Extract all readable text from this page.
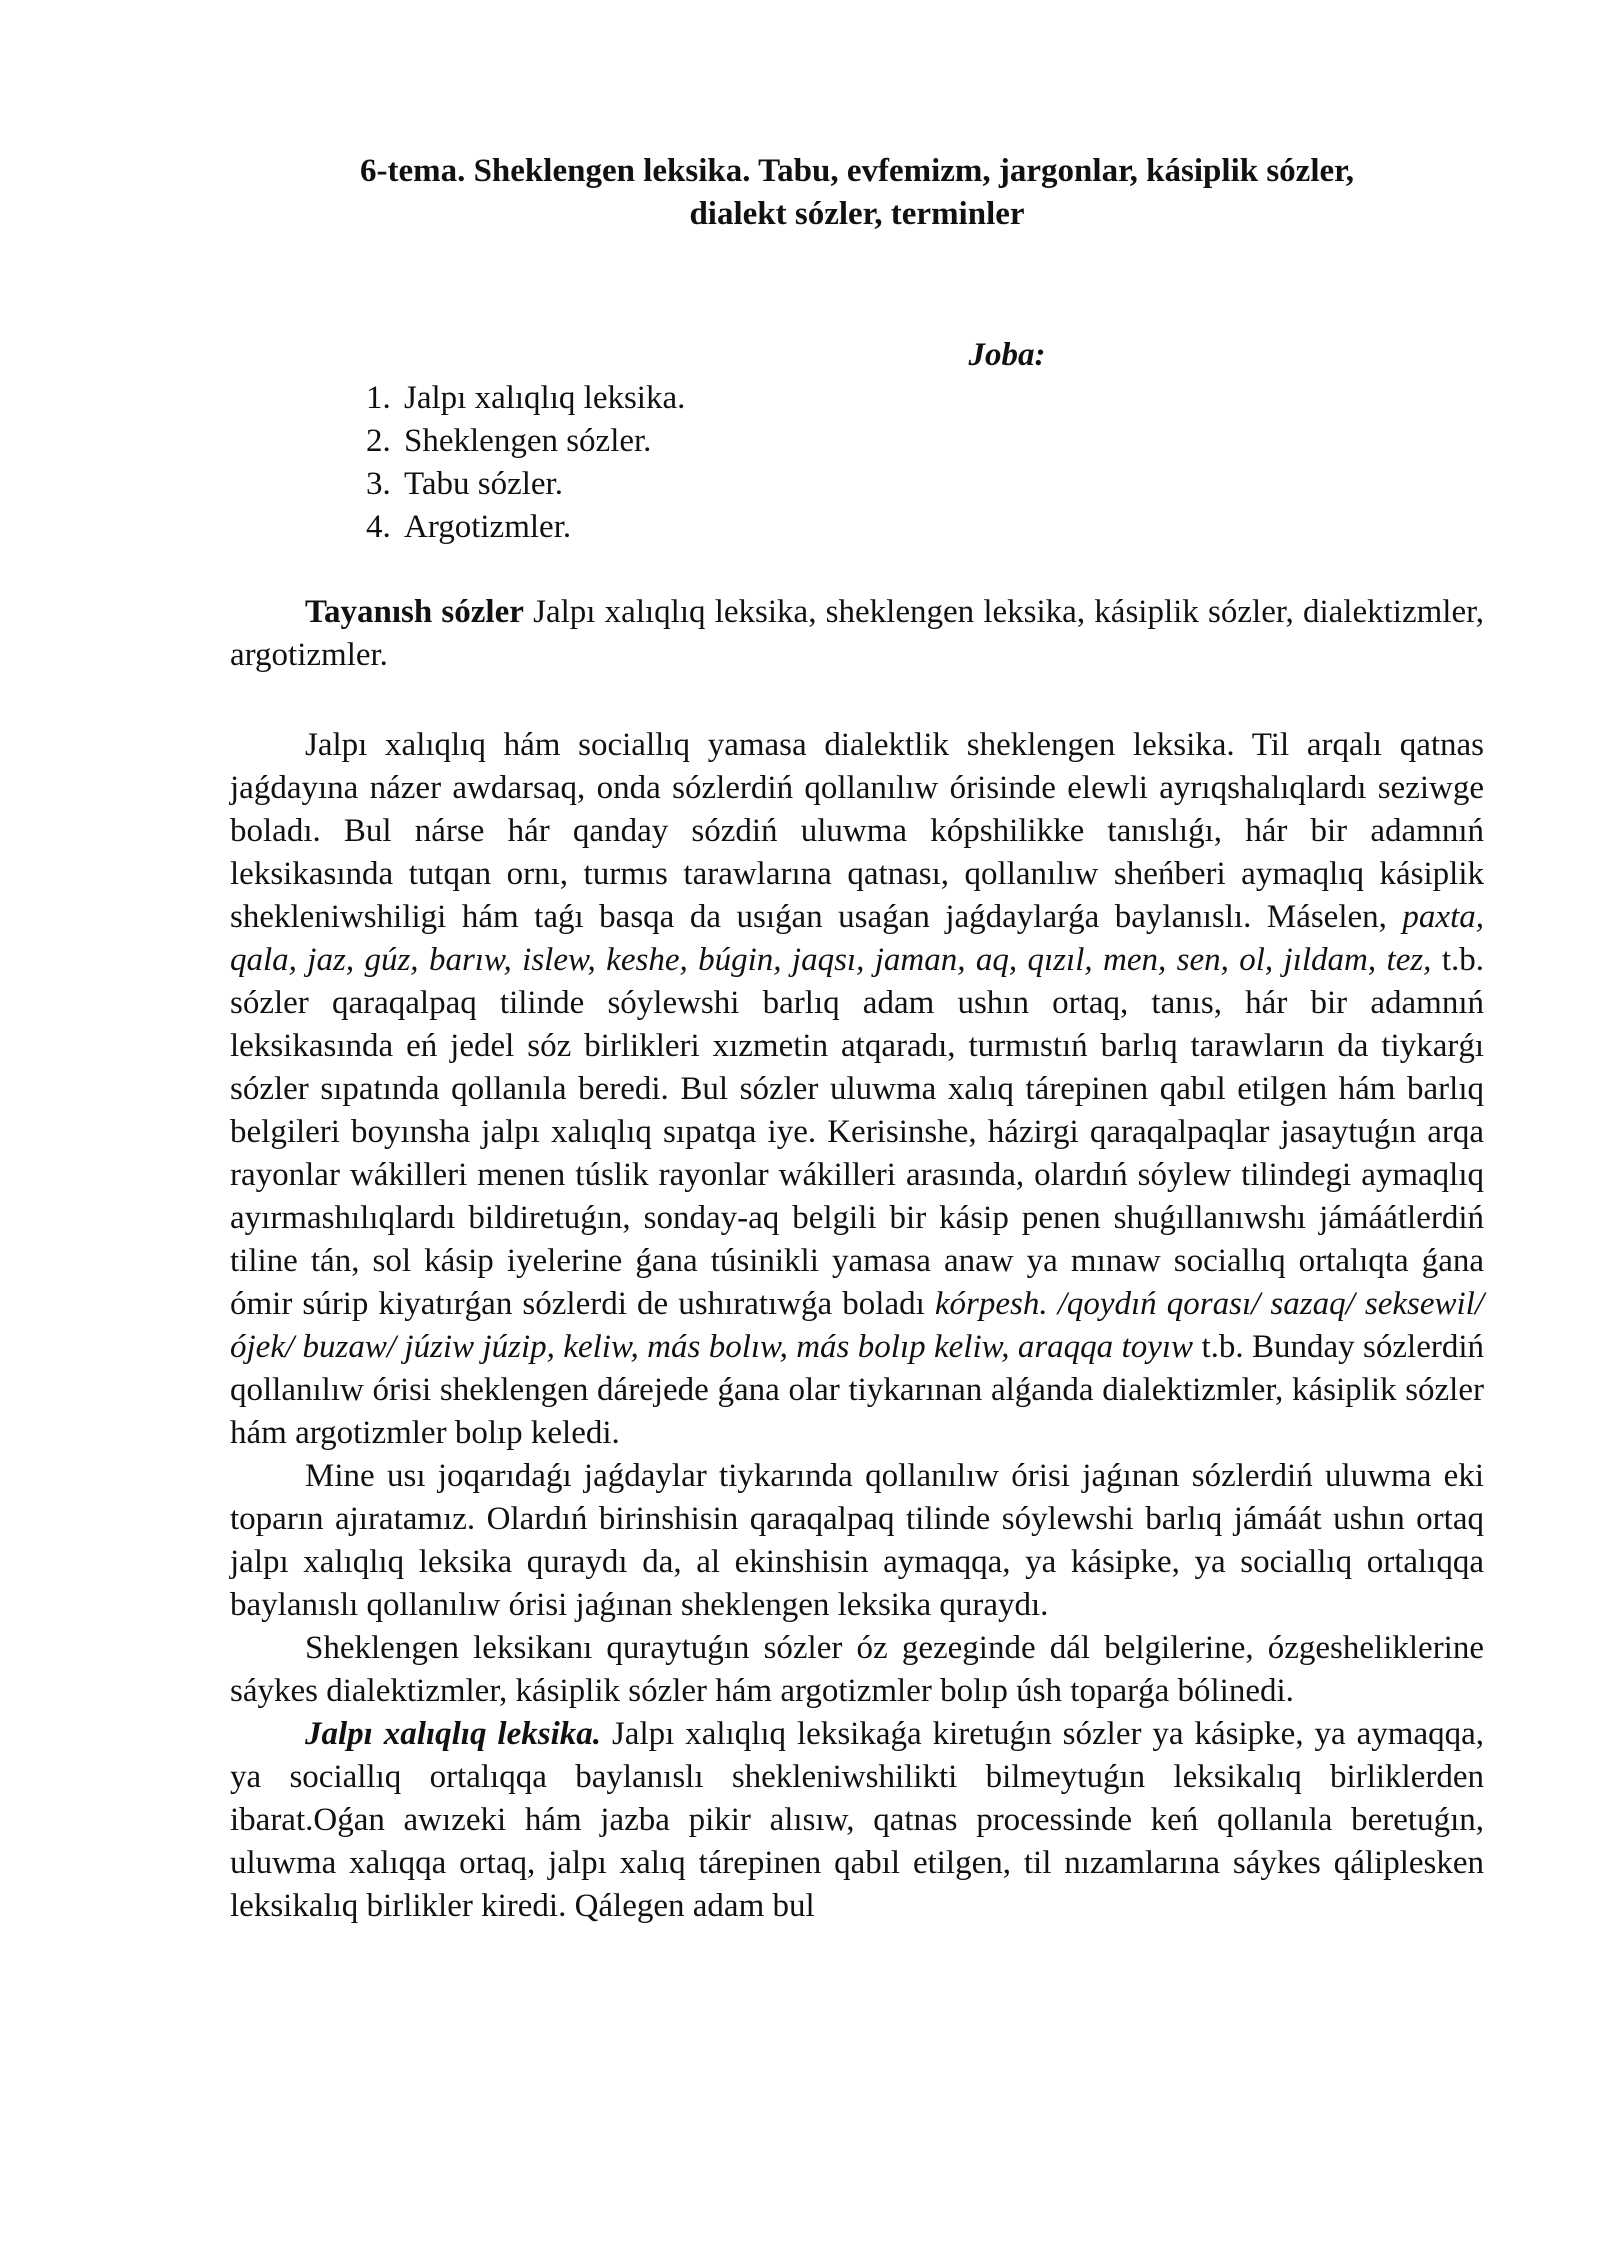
6-tema. Sheklengen leksika. Tabu, evfemizm, jargonlar, kásiplik sózler,
dialekt sózler, terminler
Joba:
1. Jalpı xalıqlıq leksika.
2. Sheklengen sózler.
3. Tabu sózler.
4. Argotizmler.

Tayanısh sózler Jalpı xalıqlıq leksika, sheklengen leksika, kásiplik sózler, dialektizmler, argotizmler.

Jalpı xalıqlıq hám sociallıq yamasa dialektlik sheklengen leksika. Til arqalı qatnas jaǵdayına názer awdarsaq, onda sózlerdiń qollanılıw órisinde elewli ayrıqshalıqlardı seziwge boladı. Bul nárse hár qanday sózdiń uluwma kópshilikke tanıslıǵı, hár bir adamnıń leksikasında tutqan ornı, turmıs tarawlarına qatnası, qollanılıw sheńberi aymaqlıq kásiplik shekleniwshiligi hám taǵı basqa da usıǵan usaǵan jaǵdaylarǵa baylanıslı. Máselen, paxta, qala, jaz, gúz, barıw, islew, keshe, búgin, jaqsı, jaman, aq, qızıl, men, sen, ol, jıldam, tez, t.b. sózler qaraqalpaq tilinde sóylewshi barlıq adam ushın ortaq, tanıs, hár bir adamnıń leksikasında eń jedel sóz birlikleri xızmetin atqaradı, turmıstıń barlıq tarawların da tiykarǵı sózler sıpatında qollanıla beredi. Bul sózler uluwma xalıq tárepinen qabıl etilgen hám barlıq belgileri boyınsha jalpı xalıqlıq sıpatqa iye. Kerisinshe, házirgi qaraqalpaqlar jasaytuǵın arqa rayonlar wákilleri menen túslik rayonlar wákilleri arasında, olardıń sóylew tilindegi aymaqlıq ayırmashılıqlardı bildiretuǵın, sonday-aq belgili bir kásip penen shuǵıllanıwshı jámáátlerdiń tiline tán, sol kásip iyelerine ǵana túsinikli yamasa anaw ya mınaw sociallıq ortalıqta ǵana ómir súrip kiyatırǵan sózlerdi de ushıratıwǵa boladı kórpesh. /qoydıń qorası/ sazaq/ seksewil/ ójek/ buzaw/ júziw júzip, keliw, más bolıw, más bolıp keliw, araqqa toyıw t.b. Bunday sózlerdiń qollanılıw órisi sheklengen dárejede ǵana olar tiykarınan alǵanda dialektizmler, kásiplik sózler hám argotizmler bolıp keledi.

Mine usı joqarıdaǵı jaǵdaylar tiykarında qollanılıw órisi jaǵınan sózlerdiń uluwma eki toparın ajıratamız. Olardıń birinshisin qaraqalpaq tilinde sóylewshi barlıq jámáát ushın ortaq jalpı xalıqlıq leksika quraydı da, al ekinshisin aymaqqa, ya kásipke, ya sociallıq ortalıqqa baylanıslı qollanılıw órisi jaǵınan sheklengen leksika quraydı.

Sheklengen leksikanı quraytuǵın sózler óz gezeginde dál belgilerine, ózgesheliklerine sáykes dialektizmler, kásiplik sózler hám argotizmler bolıp úsh toparǵa bólinedi.

Jalpı xalıqlıq leksika. Jalpı xalıqlıq leksikaǵa kiretuǵın sózler ya kásipke, ya aymaqqa, ya sociallıq ortalıqqa baylanıslı shekleniwshilikti bilmeytuǵın leksikalıq birliklerden ibarat.Oǵan awızeki hám jazba pikir alısıw, qatnas processinde keń qollanıla beretuǵın, uluwma xalıqqa ortaq, jalpı xalıq tárepinen qabıl etilgen, til nızamlarına sáykes qáliplesken leksikalıq birlikler kiredi. Qálegen adam bul
